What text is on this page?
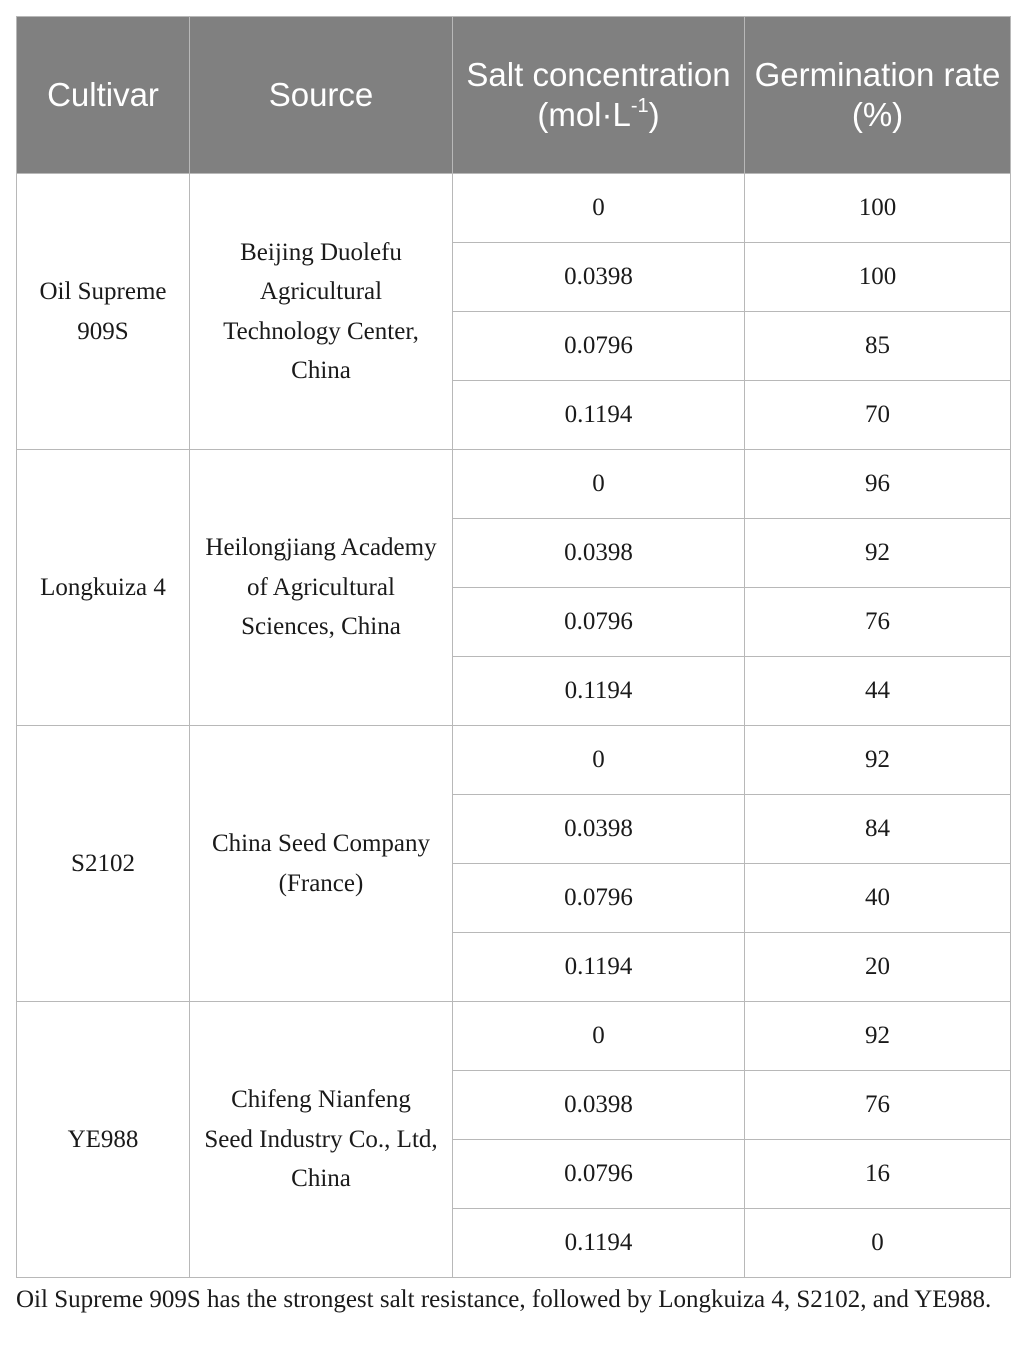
Cultivar	Source	Salt concentration $(mol\cdot L^{-1})$	Germination rate (%)
Oil Supreme 909S	Beijing Duolefu Agricultural Technology Center, China	0	100
		0.0398	100
		0.0796	85
		0.1194	70
Longkuiza 4	Heilongjiang Academy of Agricultural Sciences, China	0	96
		0.0398	92
		0.0796	76
		0.1194	44
S2102	China Seed Company (France)	0	92
		0.0398	84
		0.0796	40
		0.1194	20
YE988	Chifeng Nianfeng Seed Industry Co., Ltd, China	0	92
		0.0398	76
		0.0796	16
		0.1194	0

Oil Supreme 909S has the strongest salt resistance, followed by Longkuiza 4, S2102, and YE988.
